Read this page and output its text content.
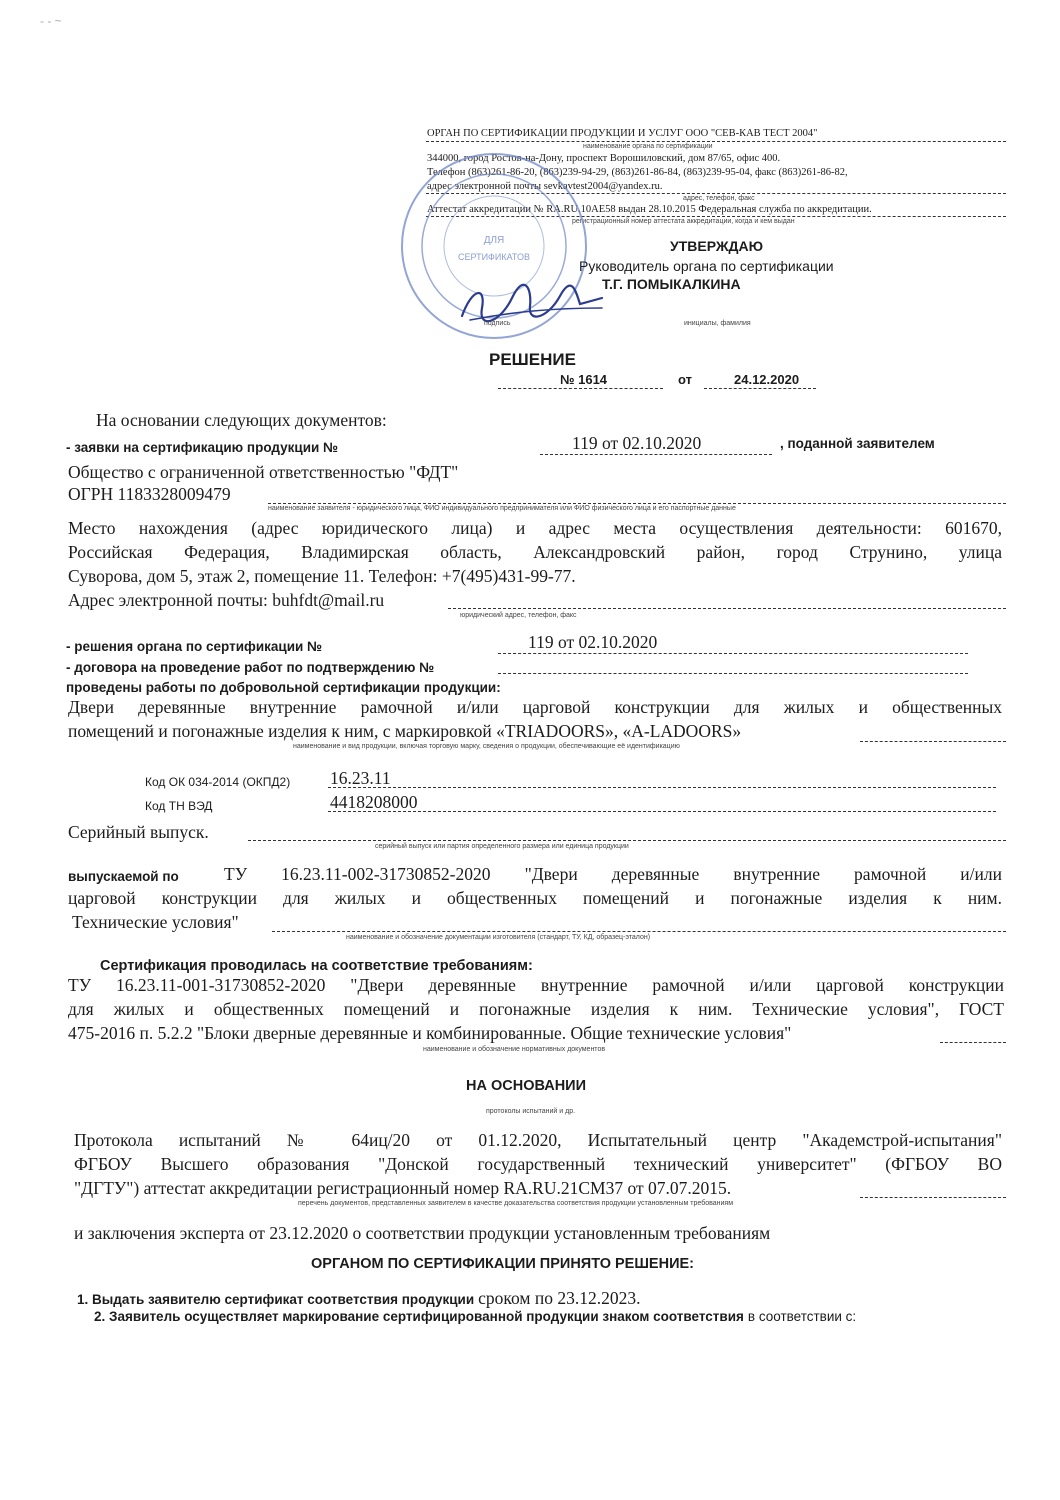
- - ~
ОРГАН ПО СЕРТИФИКАЦИИ ПРОДУКЦИИ И УСЛУГ ООО "СЕВ-КАВ ТЕСТ 2004"
наименование органа по сертификации
344000, город Ростов-на-Дону, проспект Ворошиловский, дом 87/65, офис 400.
Телефон (863)261-86-20, (863)239-94-29, (863)261-86-84, (863)239-95-04, факс (863)261-86-82,
адрес электронной почты sevkavtest2004@yandex.ru.
адрес, телефон, факс
Аттестат аккредитации № RA.RU.10АЕ58 выдан 28.10.2015 Федеральная служба по аккредитации.
регистрационный номер аттестата аккредитации, когда и кем выдан
ДЛЯ
СЕРТИФИКАТОВ
УТВЕРЖДАЮ
Руководитель органа по сертификации
Т.Г. ПОМЫКАЛКИНА
подпись	инициалы, фамилия
РЕШЕНИЕ
№ 1614	от	24.12.2020
На основании следующих документов:
- заявки на сертификацию продукции №	119 от 02.10.2020	, поданной заявителем
Общество с ограниченной ответственностью "ФДТ"
ОГРН 1183328009479
наименование заявителя - юридического лица, ФИО индивидуального предпринимателя или ФИО физического лица и его паспортные данные
Место нахождения (адрес юридического лица) и адрес места осуществления деятельности: 601670,
Российская Федерация, Владимирская область, Александровский район, город Струнино, улица
Суворова, дом 5, этаж 2, помещение 11. Телефон: +7(495)431-99-77.
Адрес электронной почты: buhfdt@mail.ru
юридический адрес, телефон, факс
- решения органа по сертификации №	119 от 02.10.2020
- договора на проведение работ по подтверждению №
проведены работы по добровольной сертификации продукции:
Двери деревянные внутренние рамочной и/или царговой конструкции для жилых и общественных
помещений и погонажные изделия к ним, с маркировкой «TRIADOORS», «A-LADOORS»
наименование и вид продукции, включая торговую марку, сведения о продукции, обеспечивающие её идентификацию
Код ОК 034-2014 (ОКПД2) 16.23.11
Код ТН ВЭД	4418208000
Серийный выпуск.
серийный выпуск или партия определенного размера или единица продукции
выпускаемой по	ТУ 16.23.11-002-31730852-2020 "Двери деревянные внутренние рамочной и/или
царговой конструкции для жилых и общественных помещений и погонажные изделия к ним.
Технические условия"
наименование и обозначение документации изготовителя (стандарт, ТУ, КД, образец-эталон)
Сертификация проводилась на соответствие требованиям:
ТУ 16.23.11-001-31730852-2020 "Двери деревянные внутренние рамочной и/или царговой конструкции
для жилых и общественных помещений и погонажные изделия к ним. Технические условия", ГОСТ
475-2016 п. 5.2.2 "Блоки дверные деревянные и комбинированные. Общие технические условия"
наименование и обозначение нормативных документов
НА ОСНОВАНИИ
протоколы испытаний и др.
Протокола испытаний № 64иц/20 от 01.12.2020, Испытательный центр "Академстрой-испытания"
ФГБОУ Высшего образования "Донской государственный технический университет" (ФГБОУ ВО
"ДГТУ") аттестат аккредитации регистрационный номер RA.RU.21СМ37 от 07.07.2015.
перечень документов, представленных заявителем в качестве доказательства соответствия продукции установленным требованиям
и заключения эксперта от 23.12.2020 о соответствии продукции установленным требованиям
ОРГАНОМ ПО СЕРТИФИКАЦИИ ПРИНЯТО РЕШЕНИЕ:
1. Выдать заявителю сертификат соответствия продукции сроком по 23.12.2023.
2. Заявитель осуществляет маркирование сертифицированной продукции знаком соответствия в соответствии с:
